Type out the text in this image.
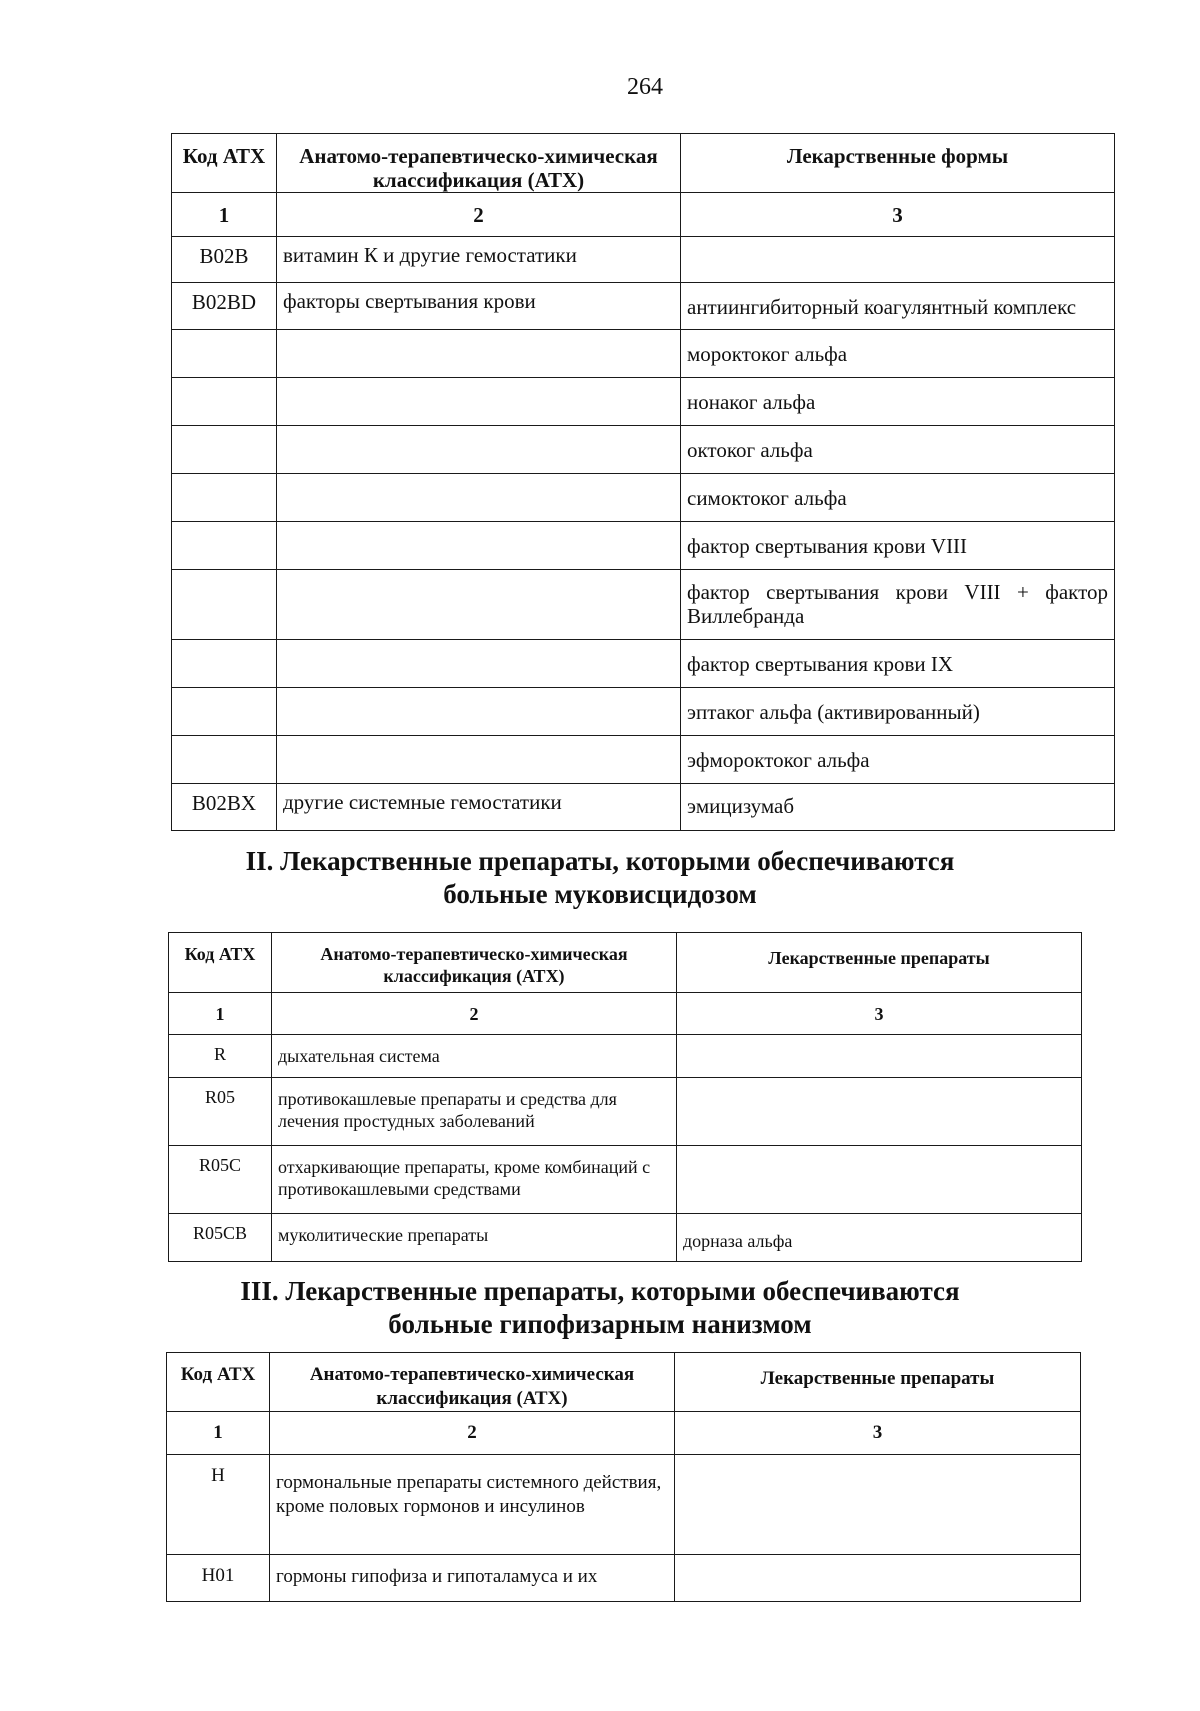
264
Код АТХ	Анатомо-терапевтическо-химическая классификация (АТХ)	Лекарственные формы
1	2	3
B02B	витамин К и другие гемостатики	
B02BD	факторы свертывания крови	антиингибиторный коагулянтный комплекс
		мороктоког альфа
		нонаког альфа
		октоког альфа
		симоктоког альфа
		фактор свертывания крови VIII
		фактор свертывания крови VIII + фактор Виллебранда
		фактор свертывания крови IX
		эптаког альфа (активированный)
		эфмороктоког альфа
B02BX	другие системные гемостатики	эмицизумаб
II. Лекарственные препараты, которыми обеспечиваются
больные муковисцидозом
Код АТХ	Анатомо-терапевтическо-химическая классификация (АТХ)	Лекарственные препараты
1	2	3
R	дыхательная система	
R05	противокашлевые препараты и средства для лечения простудных заболеваний	
R05C	отхаркивающие препараты, кроме комбинаций с противокашлевыми средствами	
R05CB	муколитические препараты	дорназа альфа
III. Лекарственные препараты, которыми обеспечиваются
больные гипофизарным нанизмом
Код АТХ	Анатомо-терапевтическо-химическая классификация (АТХ)	Лекарственные препараты
1	2	3
H	гормональные препараты системного действия, кроме половых гормонов и инсулинов	
H01	гормоны гипофиза и гипоталамуса и их	
